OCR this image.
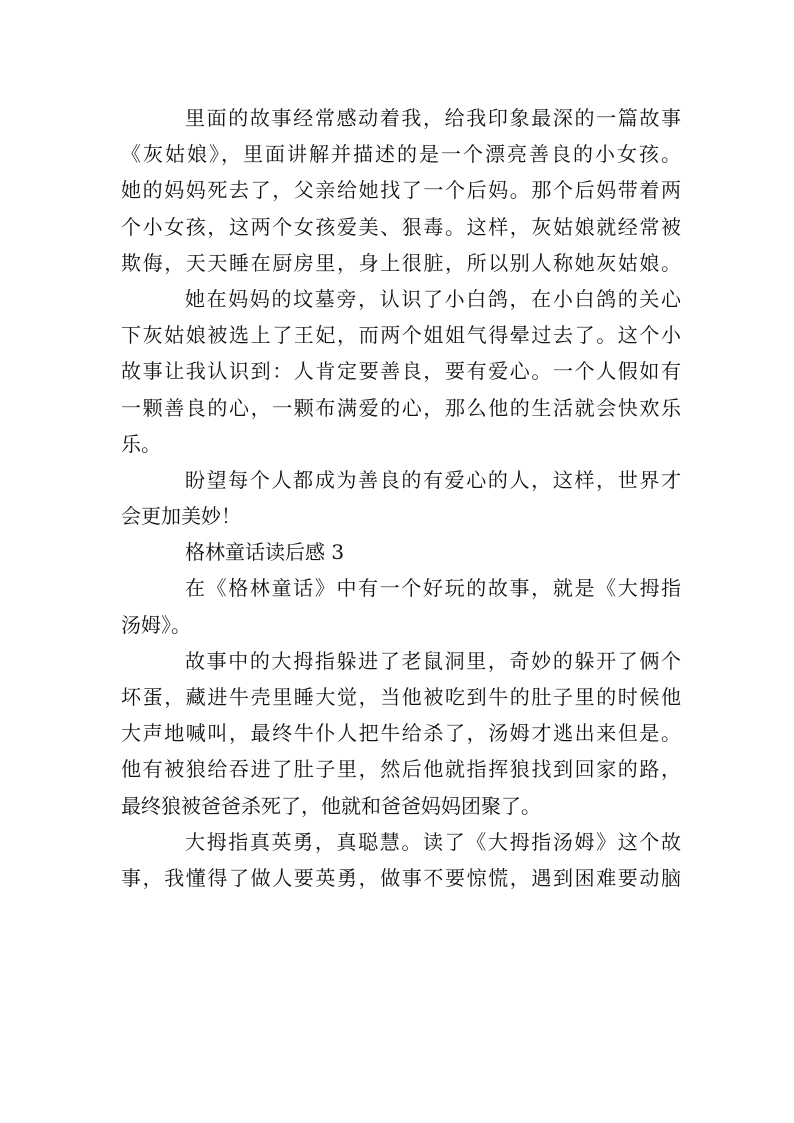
里面的故事经常感动着我，给我印象最深的一篇故事
《灰姑娘》，里面讲解并描述的是一个漂亮善良的小女孩。
她的妈妈死去了，父亲给她找了一个后妈。那个后妈带着两
个小女孩，这两个女孩爱美、狠毒。这样，灰姑娘就经常被
欺侮，天天睡在厨房里，身上很脏，所以别人称她灰姑娘。
她在妈妈的坟墓旁，认识了小白鸽，在小白鸽的关心
下灰姑娘被选上了王妃，而两个姐姐气得晕过去了。这个小
故事让我认识到：人肯定要善良，要有爱心。一个人假如有
一颗善良的心，一颗布满爱的心，那么他的生活就会快欢乐
乐。
盼望每个人都成为善良的有爱心的人，这样，世界才
会更加美妙！
格林童话读后感 3
在《格林童话》中有一个好玩的故事，就是《大拇指
汤姆》。
故事中的大拇指躲进了老鼠洞里，奇妙的躲开了俩个
坏蛋，藏进牛壳里睡大觉，当他被吃到牛的肚子里的时候他
大声地喊叫，最终牛仆人把牛给杀了，汤姆才逃出来但是。
他有被狼给吞进了肚子里，然后他就指挥狼找到回家的路，
最终狼被爸爸杀死了，他就和爸爸妈妈团聚了。
大拇指真英勇，真聪慧。读了《大拇指汤姆》这个故
事，我懂得了做人要英勇，做事不要惊慌，遇到困难要动脑
